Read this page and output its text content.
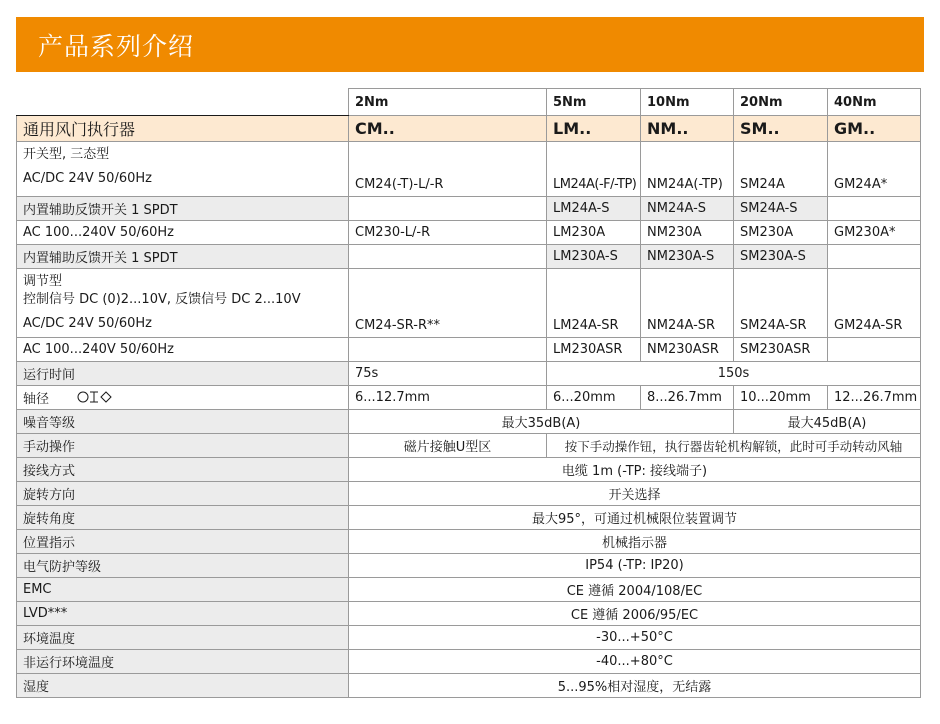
产品系列介绍
	2Nm	5Nm	10Nm	20Nm	40Nm
通用风门执行器	CM..	LM..	NM..	SM..	GM..

开关型, 三态型
AC/DC 24V 50/60Hz	CM24(-T)-L/-R	LM24A(-F/-TP)	NM24A(-TP)	SM24A	GM24A*
内置辅助反馈开关 1 SPDT		LM24A-S	NM24A-S	SM24A-S	
AC 100...240V 50/60Hz	CM230-L/-R	LM230A	NM230A	SM230A	GM230A*
内置辅助反馈开关 1 SPDT		LM230A-S	NM230A-S	SM230A-S	

调节型
控制信号 DC (0)2...10V, 反馈信号 DC 2...10V
AC/DC 24V 50/60Hz	CM24-SR-R**	LM24A-SR	NM24A-SR	SM24A-SR	GM24A-SR
AC 100...240V 50/60Hz		LM230ASR	NM230ASR	SM230ASR	
运行时间	75s	150s			
轴径	6...12.7mm	6...20mm	8...26.7mm	10...20mm	12...26.7mm
噪音等级	最大35dB(A)			最大45dB(A)	
手动操作	磁片接触U型区	按下手动操作钮，执行器齿轮机构解锁，此时可手动转动风轴			
接线方式	电缆 1m (-TP: 接线端子)				
旋转方向	开关选择				
旋转角度	最大95°，可通过机械限位装置调节				
位置指示	机械指示器				
电气防护等级	IP54 (-TP: IP20)				
EMC	CE 遵循 2004/108/EC				
LVD***	CE 遵循 2006/95/EC				
环境温度	-30...+50°C				
非运行环境温度	-40...+80°C				
湿度	5...95%相对湿度，无结露				
